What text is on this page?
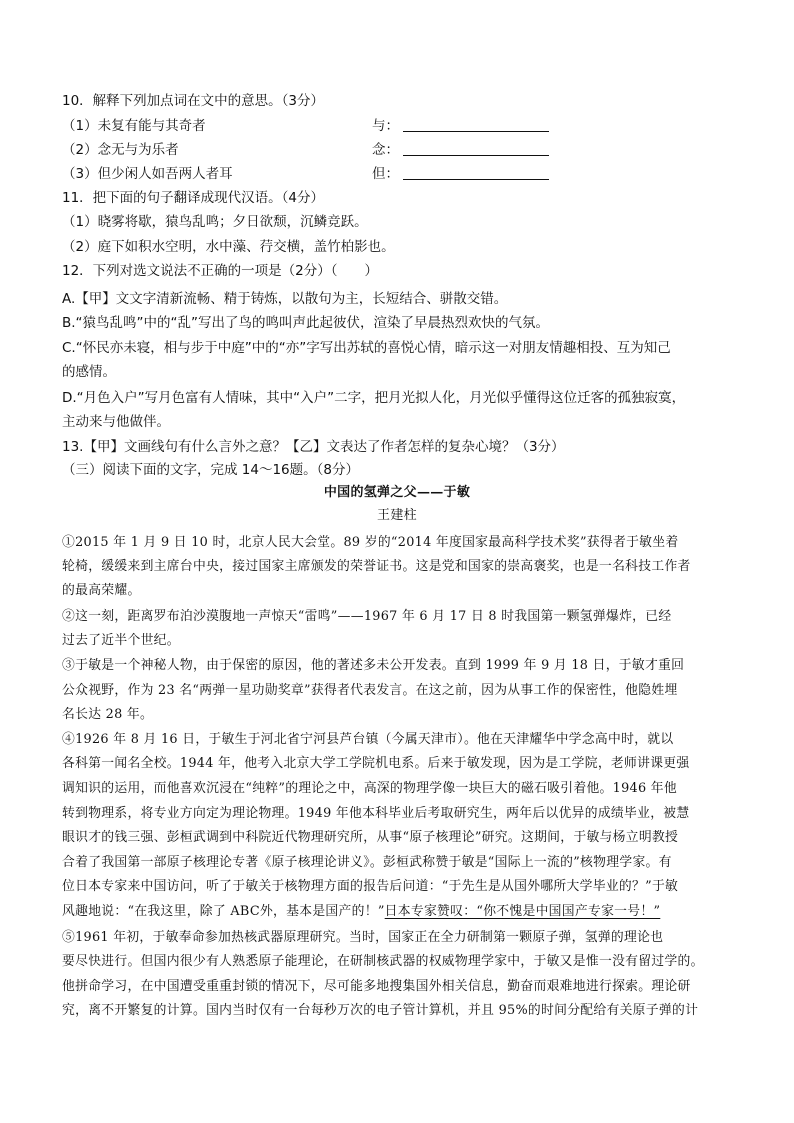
10．解释下列加点词在文中的意思。（3分）
（1）未复有能与其奇者	与：
（2）念无与为乐者	念：
（3）但少闲人如吾两人者耳	但：
11．把下面的句子翻译成现代汉语。（4分）
（1）晓雾将歇，猿鸟乱鸣；夕日欲颓，沉鳞竞跃。
（2）庭下如积水空明，水中藻、荇交横，盖竹柏影也。
12．下列对选文说法不正确的一项是（2分）（　　）
A.【甲】文文字清新流畅、精于铸炼，以散句为主，长短结合、骈散交错。
B.“猿鸟乱鸣”中的“乱”写出了鸟的鸣叫声此起彼伏，渲染了早晨热烈欢快的气氛。
C.“怀民亦未寝，相与步于中庭”中的“亦”字写出苏轼的喜悦心情，暗示这一对朋友情趣相投、互为知己
的感情。
D.“月色入户”写月色富有人情味，其中“入户”二字，把月光拟人化，月光似乎懂得这位迁客的孤独寂寞，
主动来与他做伴。
13.【甲】文画线句有什么言外之意？【乙】文表达了作者怎样的复杂心境？（3分）
（三）阅读下面的文字，完成 14～16题。（8分）
中国的氢弹之父——于敏
王建柱
①2015 年 1 月 9 日 10 时，北京人民大会堂。89 岁的“2014 年度国家最高科学技术奖”获得者于敏坐着
轮椅，缓缓来到主席台中央，接过国家主席颁发的荣誉证书。这是党和国家的崇高褒奖，也是一名科技工作者
的最高荣耀。
②这一刻，距离罗布泊沙漠腹地一声惊天“雷鸣”——1967 年 6 月 17 日 8 时我国第一颗氢弹爆炸，已经
过去了近半个世纪。
③于敏是一个神秘人物，由于保密的原因，他的著述多未公开发表。直到 1999 年 9 月 18 日，于敏才重回
公众视野，作为 23 名“两弹一星功勋奖章”获得者代表发言。在这之前，因为从事工作的保密性，他隐姓埋
名长达 28 年。
④1926 年 8 月 16 日，于敏生于河北省宁河县芦台镇（今属天津市）。他在天津耀华中学念高中时，就以
各科第一闻名全校。1944 年，他考入北京大学工学院机电系。后来于敏发现，因为是工学院，老师讲课更强
调知识的运用，而他喜欢沉浸在“纯粹”的理论之中，高深的物理学像一块巨大的磁石吸引着他。1946 年他
转到物理系，将专业方向定为理论物理。1949 年他本科毕业后考取研究生，两年后以优异的成绩毕业，被慧
眼识才的钱三强、彭桓武调到中科院近代物理研究所，从事“原子核理论”研究。这期间，于敏与杨立明教授
合着了我国第一部原子核理论专著《原子核理论讲义》。彭桓武称赞于敏是“国际上一流的”核物理学家。有
位日本专家来中国访问，听了于敏关于核物理方面的报告后问道：“于先生是从国外哪所大学毕业的？”于敏
风趣地说：“在我这里，除了 ABC外，基本是国产的！”日本专家赞叹：“你不愧是中国国产专家一号！”
⑤1961 年初，于敏奉命参加热核武器原理研究。当时，国家正在全力研制第一颗原子弹，氢弹的理论也
要尽快进行。但国内很少有人熟悉原子能理论，在研制核武器的权威物理学家中，于敏又是惟一没有留过学的。
他拼命学习，在中国遭受重重封锁的情况下，尽可能多地搜集国外相关信息，勤奋而艰难地进行探索。理论研
究，离不开繁复的计算。国内当时仅有一台每秒万次的电子管计算机，并且 95%的时间分配给有关原子弹的计
